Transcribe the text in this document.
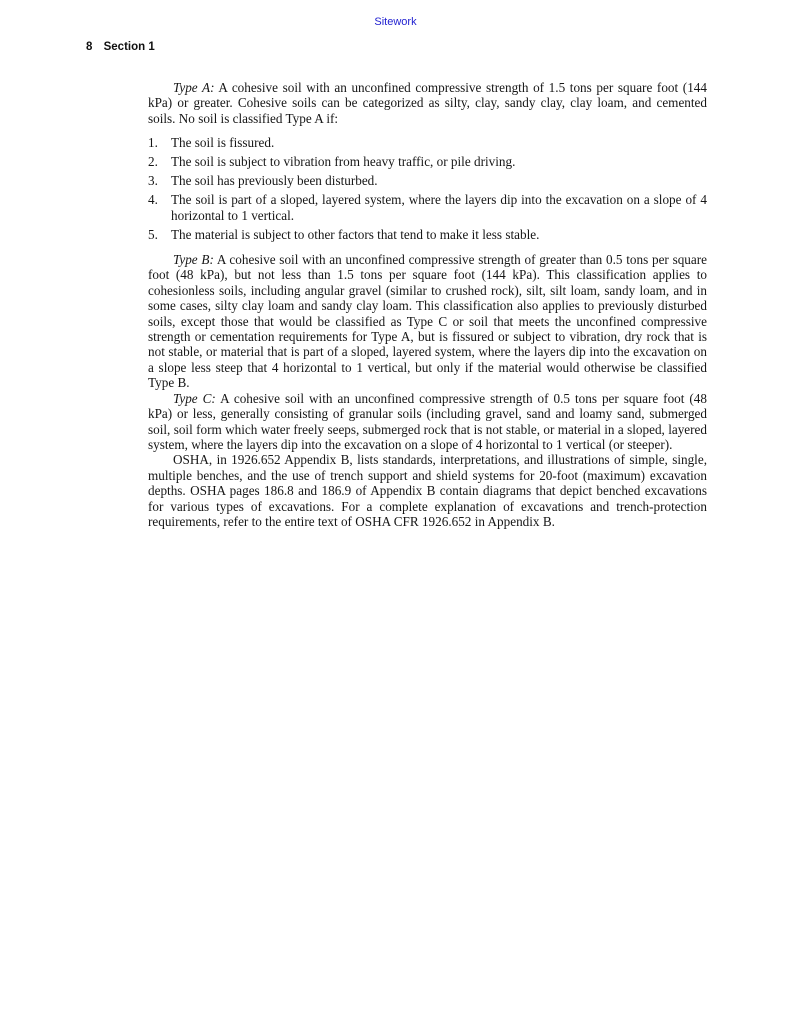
Sitework
8 Section 1

Type A: A cohesive soil with an unconfined compressive strength of 1.5 tons per square foot (144 kPa) or greater. Cohesive soils can be categorized as silty, clay, sandy clay, clay loam, and cemented soils. No soil is classified Type A if:

1. The soil is fissured.
2. The soil is subject to vibration from heavy traffic, or pile driving.
3. The soil has previously been disturbed.
4. The soil is part of a sloped, layered system, where the layers dip into the excavation on a slope of 4 horizontal to 1 vertical.
5. The material is subject to other factors that tend to make it less stable.

Type B: A cohesive soil with an unconfined compressive strength of greater than 0.5 tons per square foot (48 kPa), but not less than 1.5 tons per square foot (144 kPa). This classification applies to cohesionless soils, including angular gravel (similar to crushed rock), silt, silt loam, sandy loam, and in some cases, silty clay loam and sandy clay loam. This classification also applies to previously disturbed soils, except those that would be classified as Type C or soil that meets the unconfined compressive strength or cementation requirements for Type A, but is fissured or subject to vibration, dry rock that is not stable, or material that is part of a sloped, layered system, where the layers dip into the excavation on a slope less steep that 4 horizontal to 1 vertical, but only if the material would otherwise be classified Type B.

Type C: A cohesive soil with an unconfined compressive strength of 0.5 tons per square foot (48 kPa) or less, generally consisting of granular soils (including gravel, sand and loamy sand, submerged soil, soil form which water freely seeps, submerged rock that is not stable, or material in a sloped, layered system, where the layers dip into the excavation on a slope of 4 horizontal to 1 vertical (or steeper).

OSHA, in 1926.652 Appendix B, lists standards, interpretations, and illustrations of simple, single, multiple benches, and the use of trench support and shield systems for 20-foot (maximum) excavation depths. OSHA pages 186.8 and 186.9 of Appendix B contain diagrams that depict benched excavations for various types of excavations. For a complete explanation of excavations and trench-protection requirements, refer to the entire text of OSHA CFR 1926.652 in Appendix B.
